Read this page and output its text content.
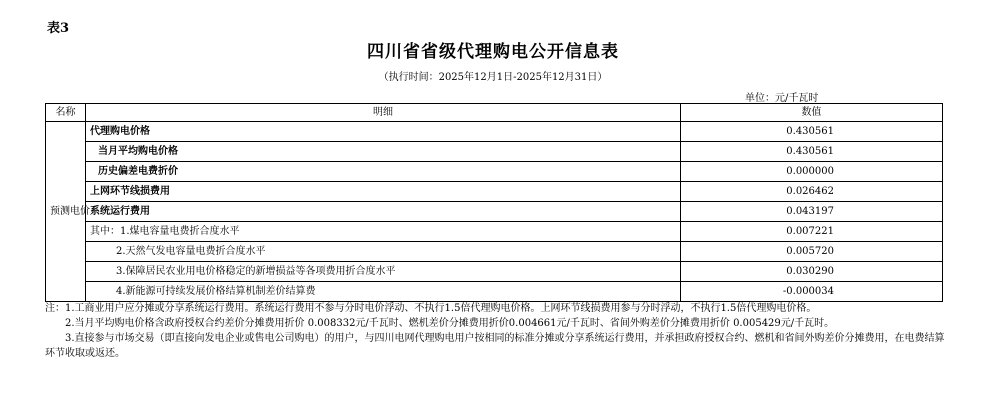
表3
四川省省级代理购电公开信息表
（执行时间：2025年12月1日-2025年12月31日）
单位：元/千瓦时
名称	明细	数值
预测电价	代理购电价格	0.430561
	当月平均购电价格	0.430561
	历史偏差电费折价	0.000000
	上网环节线损费用	0.026462
	系统运行费用	0.043197
	其中：1.煤电容量电费折合度水平	0.007221
	2.天然气发电容量电费折合度水平	0.005720
	3.保障居民农业用电价格稳定的新增损益等各项费用折合度水平	0.030290
	4.新能源可持续发展价格结算机制差价结算费	-0.000034

注：1.工商业用户应分摊或分享系统运行费用。系统运行费用不参与分时电价浮动、不执行1.5倍代理购电价格。上网环节线损费用参与分时浮动，不执行1.5倍代理购电价格。

2.当月平均购电价格含政府授权合约差价分摊费用折价 0.008332元/千瓦时、燃机差价分摊费用折价0.004661元/千瓦时、省间外购差价分摊费用折价 0.005429元/千瓦时。

3.直接参与市场交易（即直接向发电企业或售电公司购电）的用户，与四川电网代理购电用户按相同的标准分摊或分享系统运行费用，并承担政府授权合约、燃机和省间外购差价分摊费用，在电费结算环节收取或返还。
